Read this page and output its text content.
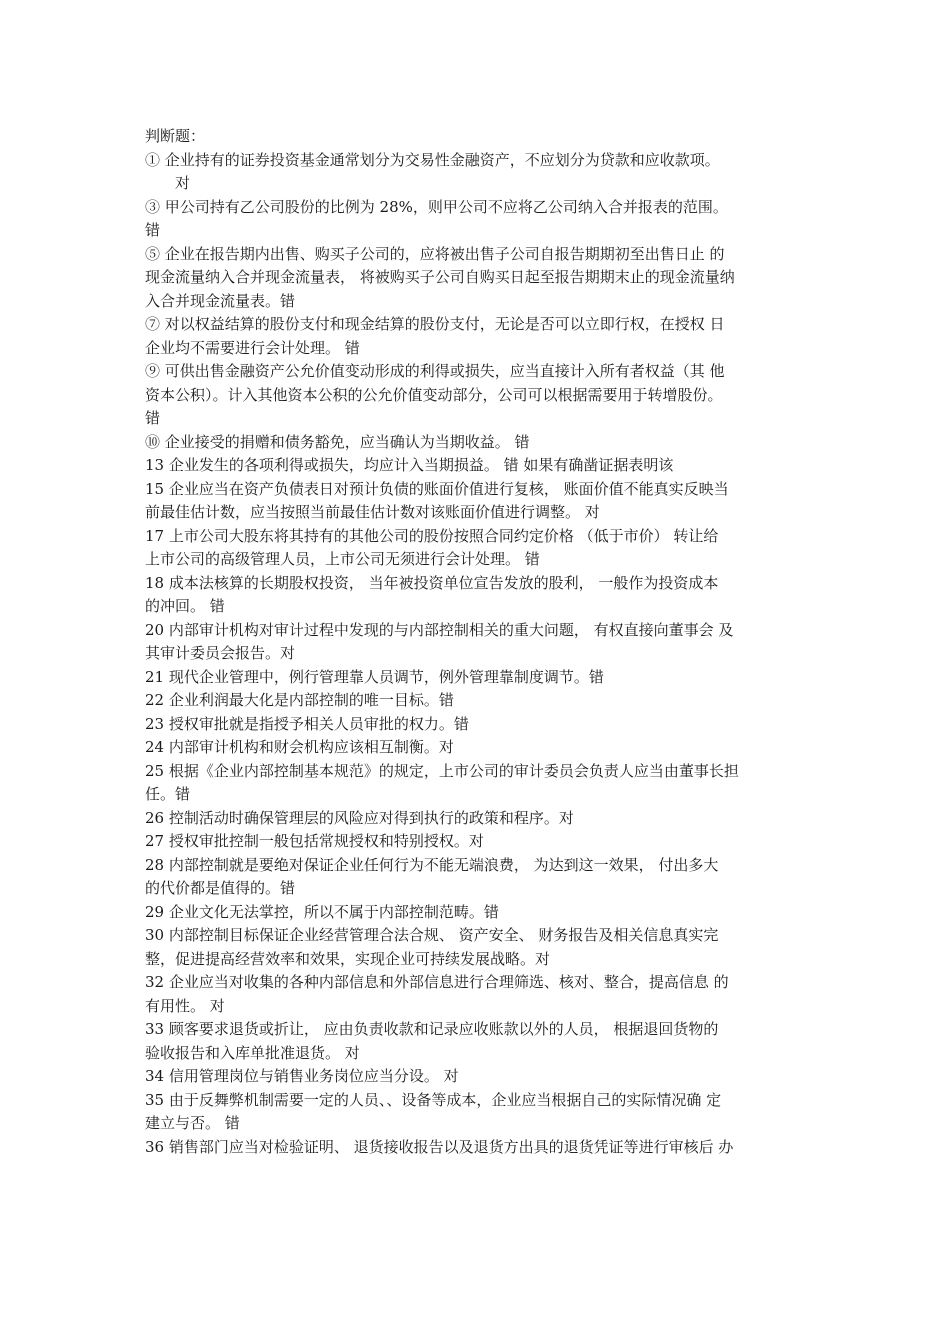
判断题：
① 企业持有的证券投资基金通常划分为交易性金融资产，不应划分为贷款和应收款项。
对
③ 甲公司持有乙公司股份的比例为 28%，则甲公司不应将乙公司纳入合并报表的范围。
错
⑤ 企业在报告期内出售、购买子公司的，应将被出售子公司自报告期期初至出售日止 的
现金流量纳入合并现金流量表， 将被购买子公司自购买日起至报告期期末止的现金流量纳
入合并现金流量表。错
⑦ 对以权益结算的股份支付和现金结算的股份支付，无论是否可以立即行权，在授权 日
企业均不需要进行会计处理。 错
⑨ 可供出售金融资产公允价值变动形成的利得或损失，应当直接计入所有者权益（其 他
资本公积）。计入其他资本公积的公允价值变动部分，公司可以根据需要用于转增股份。
错
⑩ 企业接受的捐赠和债务豁免，应当确认为当期收益。 错
13 企业发生的各项利得或损失，均应计入当期损益。 错 如果有确凿证据表明该
15 企业应当在资产负债表日对预计负债的账面价值进行复核， 账面价值不能真实反映当
前最佳估计数，应当按照当前最佳估计数对该账面价值进行调整。 对
17 上市公司大股东将其持有的其他公司的股份按照合同约定价格 （低于市价） 转让给
上市公司的高级管理人员，上市公司无须进行会计处理。 错
18 成本法核算的长期股权投资， 当年被投资单位宣告发放的股利， 一般作为投资成本
的冲回。 错
20 内部审计机构对审计过程中发现的与内部控制相关的重大问题， 有权直接向董事会 及
其审计委员会报告。对
21 现代企业管理中，例行管理靠人员调节，例外管理靠制度调节。错
22 企业利润最大化是内部控制的唯一目标。错
23 授权审批就是指授予相关人员审批的权力。错
24 内部审计机构和财会机构应该相互制衡。对
25 根据《企业内部控制基本规范》的规定，上市公司的审计委员会负责人应当由董事长担
任。错
26 控制活动时确保管理层的风险应对得到执行的政策和程序。对
27 授权审批控制一般包括常规授权和特别授权。对
28 内部控制就是要绝对保证企业任何行为不能无端浪费， 为达到这一效果， 付出多大
的代价都是值得的。错
29 企业文化无法掌控，所以不属于内部控制范畴。错
30 内部控制目标保证企业经营管理合法合规、 资产安全、 财务报告及相关信息真实完
整，促进提高经营效率和效果，实现企业可持续发展战略。对
32 企业应当对收集的各种内部信息和外部信息进行合理筛选、核对、整合，提高信息 的
有用性。 对
33 顾客要求退货或折让， 应由负责收款和记录应收账款以外的人员， 根据退回货物的
验收报告和入库单批准退货。 对
34 信用管理岗位与销售业务岗位应当分设。 对
35 由于反舞弊机制需要一定的人员、、设备等成本，企业应当根据自己的实际情况确 定
建立与否。 错
36 销售部门应当对检验证明、 退货接收报告以及退货方出具的退货凭证等进行审核后 办
